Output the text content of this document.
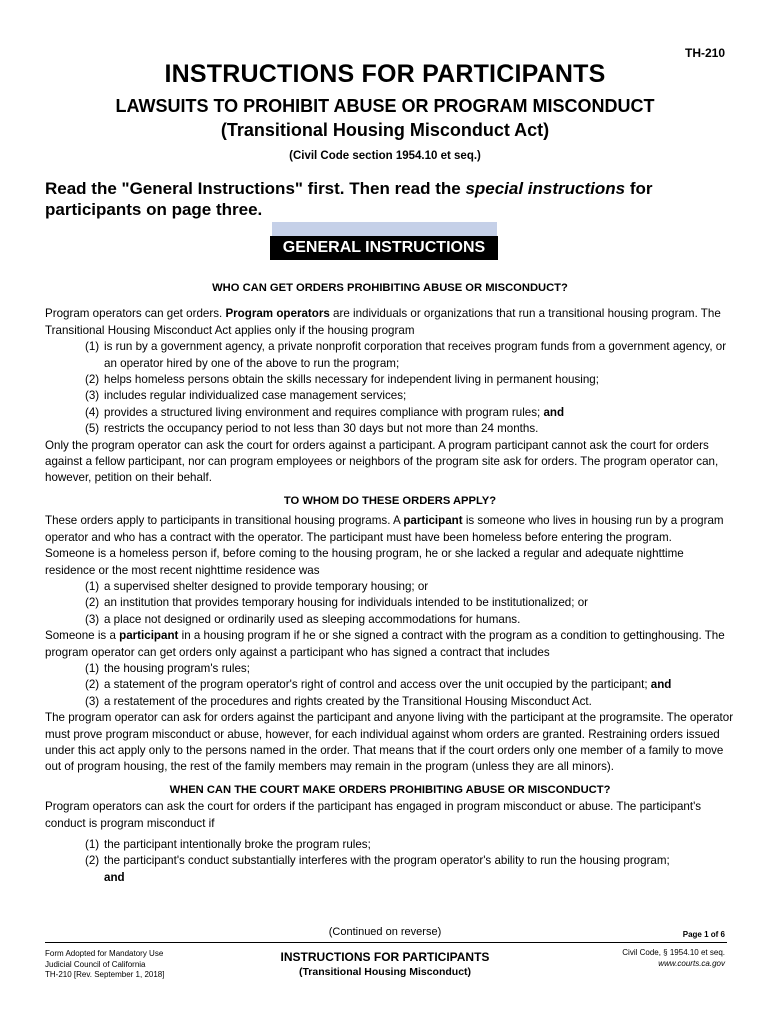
TH-210
INSTRUCTIONS FOR PARTICIPANTS
LAWSUITS TO PROHIBIT ABUSE OR PROGRAM MISCONDUCT
(Transitional Housing Misconduct Act)
(Civil Code section 1954.10 et seq.)
Read the "General Instructions" first. Then read the special instructions for participants on page three.
GENERAL INSTRUCTIONS

WHO CAN GET ORDERS PROHIBITING ABUSE OR MISCONDUCT?

Program operators can get orders. Program operators are individuals or organizations that run a transitional housing program. The Transitional Housing Misconduct Act applies only if the housing program

(1) is run by a government agency, a private nonprofit corporation that receives program funds from a government agency, or an operator hired by one of the above to run the program;
(2) helps homeless persons obtain the skills necessary for independent living in permanent housing;
(3) includes regular individualized case management services;
(4) provides a structured living environment and requires compliance with program rules; and
(5) restricts the occupancy period to not less than 30 days but not more than 24 months.

Only the program operator can ask the court for orders against a participant. A program participant cannot ask the court for orders against a fellow participant, nor can program employees or neighbors of the program site ask for orders. The program operator can, however, petition on their behalf.

TO WHOM DO THESE ORDERS APPLY?

These orders apply to participants in transitional housing programs. A participant is someone who lives in housing run by a program operator and who has a contract with the operator. The participant must have been homeless before entering the program.

Someone is a homeless person if, before coming to the housing program, he or she lacked a regular and adequate nighttime residence or the most recent nighttime residence was

(1) a supervised shelter designed to provide temporary housing; or
(2) an institution that provides temporary housing for individuals intended to be institutionalized; or
(3) a place not designed or ordinarily used as sleeping accommodations for humans.

Someone is a participant in a housing program if he or she signed a contract with the program as a condition to gettinghousing. The program operator can get orders only against a participant who has signed a contract that includes

(1) the housing program's rules;
(2) a statement of the program operator's right of control and access over the unit occupied by the participant; and
(3) a restatement of the procedures and rights created by the Transitional Housing Misconduct Act.

The program operator can ask for orders against the participant and anyone living with the participant at the programsite. The operator must prove program misconduct or abuse, however, for each individual against whom orders are granted. Restraining orders issued under this act apply only to the persons named in the order. That means that if the court orders only one member of a family to move out of program housing, the rest of the family members may remain in the program (unless they are all minors).

WHEN CAN THE COURT MAKE ORDERS PROHIBITING ABUSE OR MISCONDUCT?

Program operators can ask the court for orders if the participant has engaged in program misconduct or abuse. The participant's conduct is program misconduct if

(1) the participant intentionally broke the program rules;
(2) the participant's conduct substantially interferes with the program operator's ability to run the housing program;

and

(Continued on reverse)	Page 1 of 6
Form Adopted for Mandatory Use
Judicial Council of California
TH-210 [Rev. September 1, 2018]
INSTRUCTIONS FOR PARTICIPANTS
(Transitional Housing Misconduct)
Civil Code, § 1954.10 et seq.
www.courts.ca.gov
